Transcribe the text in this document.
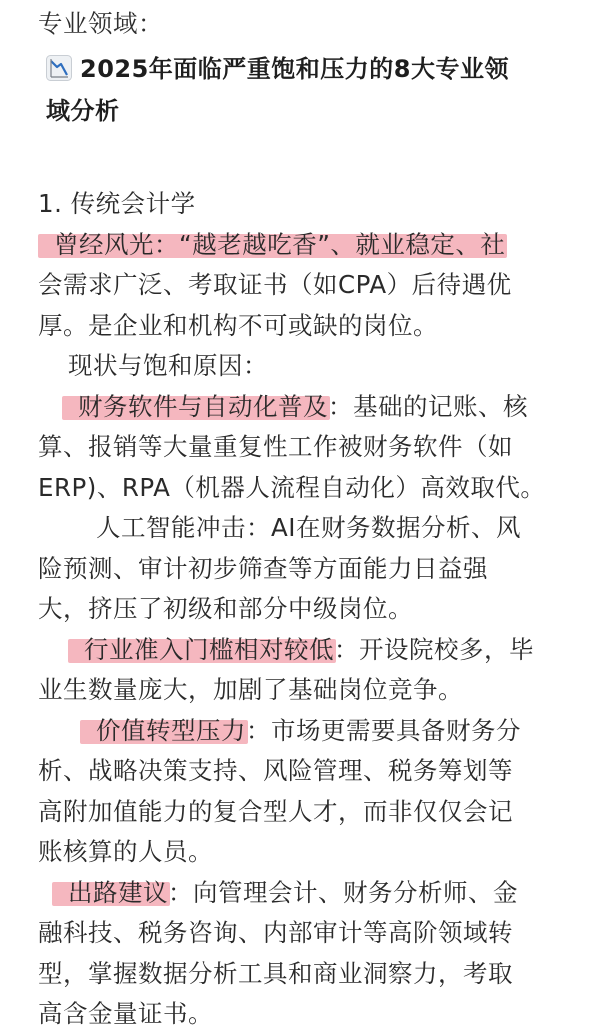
专业领域：
2025年面临严重饱和压力的8大专业领
域分析
1. 传统会计学
曾经风光：“越老越吃香”、就业稳定、社
会需求广泛、考取证书（如CPA）后待遇优
厚。是企业和机构不可或缺的岗位。
现状与饱和原因：
财务软件与自动化普及：基础的记账、核
算、报销等大量重复性工作被财务软件（如
ERP)、RPA（机器人流程自动化）高效取代。
人工智能冲击：AI在财务数据分析、风
险预测、审计初步筛查等方面能力日益强
大，挤压了初级和部分中级岗位。
行业准入门槛相对较低：开设院校多，毕
业生数量庞大，加剧了基础岗位竞争。
价值转型压力：市场更需要具备财务分
析、战略决策支持、风险管理、税务筹划等
高附加值能力的复合型人才，而非仅仅会记
账核算的人员。
出路建议：向管理会计、财务分析师、金
融科技、税务咨询、内部审计等高阶领域转
型，掌握数据分析工具和商业洞察力，考取
高含金量证书。
